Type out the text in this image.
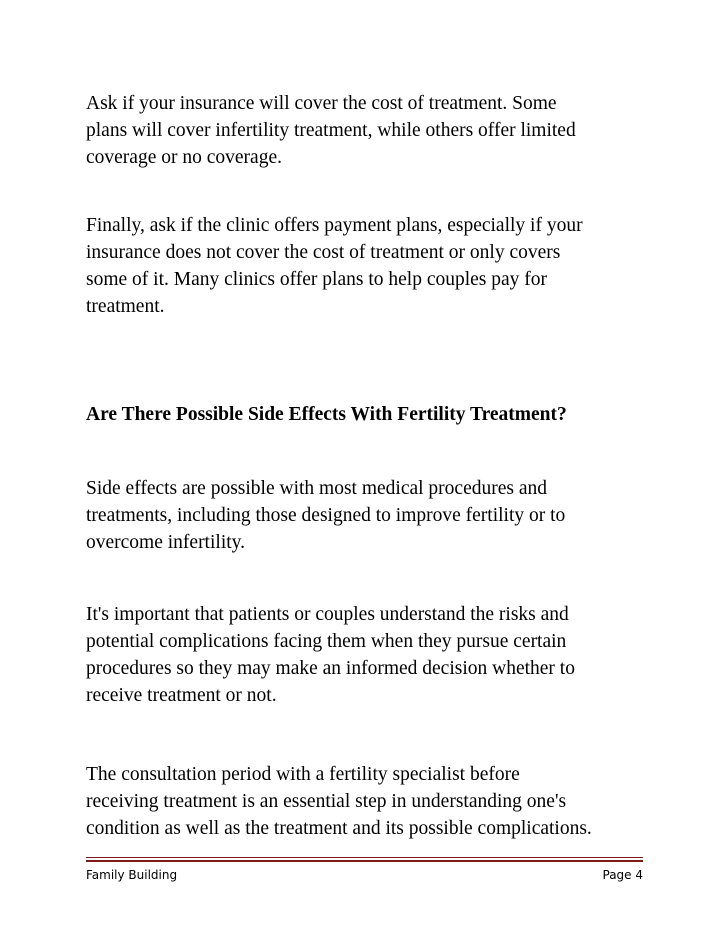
Ask if your insurance will cover the cost of treatment. Some
plans will cover infertility treatment, while others offer limited
coverage or no coverage.

Finally, ask if the clinic offers payment plans, especially if your
insurance does not cover the cost of treatment or only covers
some of it. Many clinics offer plans to help couples pay for
treatment.

Are There Possible Side Effects With Fertility Treatment?

Side effects are possible with most medical procedures and
treatments, including those designed to improve fertility or to
overcome infertility.

It's important that patients or couples understand the risks and
potential complications facing them when they pursue certain
procedures so they may make an informed decision whether to
receive treatment or not.

The consultation period with a fertility specialist before
receiving treatment is an essential step in understanding one's
condition as well as the treatment and its possible complications.

Family Building	Page 4
